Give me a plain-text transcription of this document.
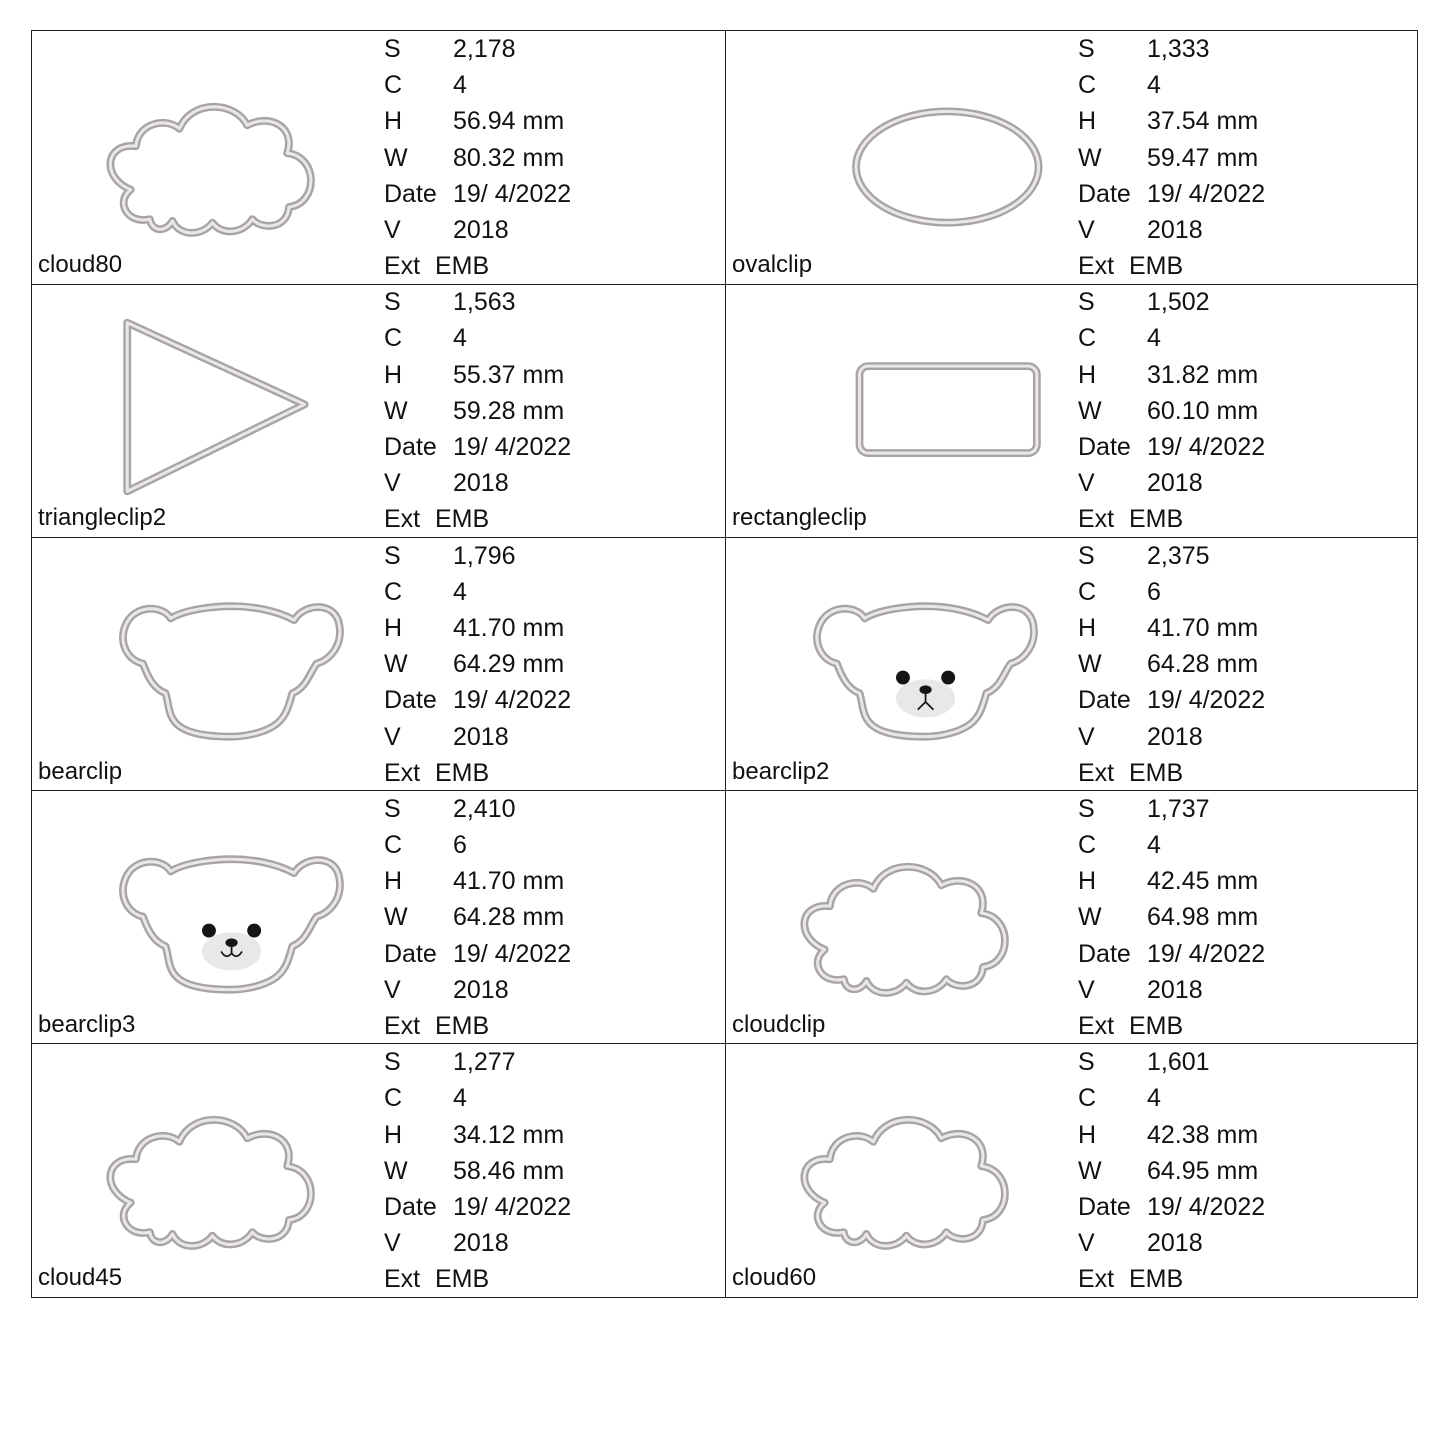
cloud80
S 2,178
C 4
H 56.94 mm
W 80.32 mm
Date 19/ 4/2022
V 2018
Ext EMB	ovalclip
S 1,333
C 4
H 37.54 mm
W 59.47 mm
Date 19/ 4/2022
V 2018
Ext EMB
triangleclip2
S 1,563
C 4
H 55.37 mm
W 59.28 mm
Date 19/ 4/2022
V 2018
Ext EMB	rectangleclip
S 1,502
C 4
H 31.82 mm
W 60.10 mm
Date 19/ 4/2022
V 2018
Ext EMB
bearclip
S 1,796
C 4
H 41.70 mm
W 64.29 mm
Date 19/ 4/2022
V 2018
Ext EMB	bearclip2
S 2,375
C 6
H 41.70 mm
W 64.28 mm
Date 19/ 4/2022
V 2018
Ext EMB
bearclip3
S 2,410
C 6
H 41.70 mm
W 64.28 mm
Date 19/ 4/2022
V 2018
Ext EMB	cloudclip
S 1,737
C 4
H 42.45 mm
W 64.98 mm
Date 19/ 4/2022
V 2018
Ext EMB
cloud45
S 1,277
C 4
H 34.12 mm
W 58.46 mm
Date 19/ 4/2022
V 2018
Ext EMB	cloud60
S 1,601
C 4
H 42.38 mm
W 64.95 mm
Date 19/ 4/2022
V 2018
Ext EMB
